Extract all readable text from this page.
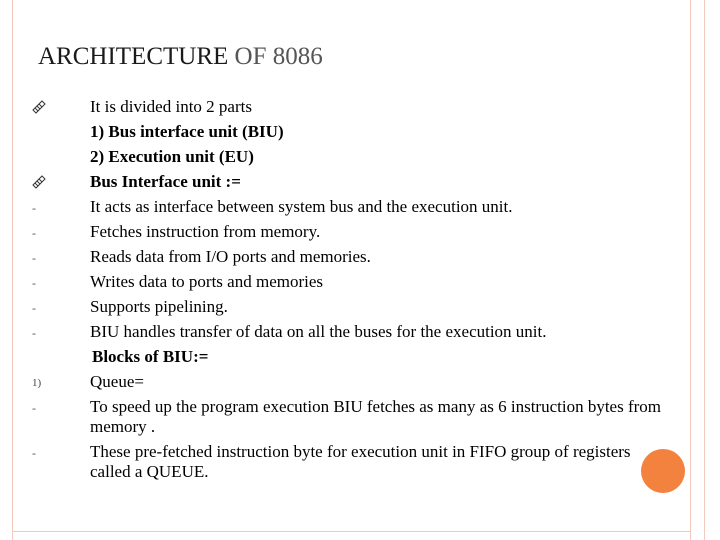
ARCHITECTURE OF 8086
It is divided into 2 parts
1) Bus interface unit (BIU)
2) Execution unit (EU)
Bus Interface unit :=
-	It acts as interface between system bus and the execution unit.
-	Fetches instruction from memory.
-	Reads data from I/O ports and memories.
-	Writes data to ports and memories
-	Supports pipelining.
-	BIU handles transfer of data on all the buses for the execution unit.
Blocks of BIU:=
1)	Queue=
-	To speed up the program execution BIU fetches as many as 6 instruction bytes from memory .
-	These pre-fetched instruction byte for execution unit in FIFO group of registers called a QUEUE.
